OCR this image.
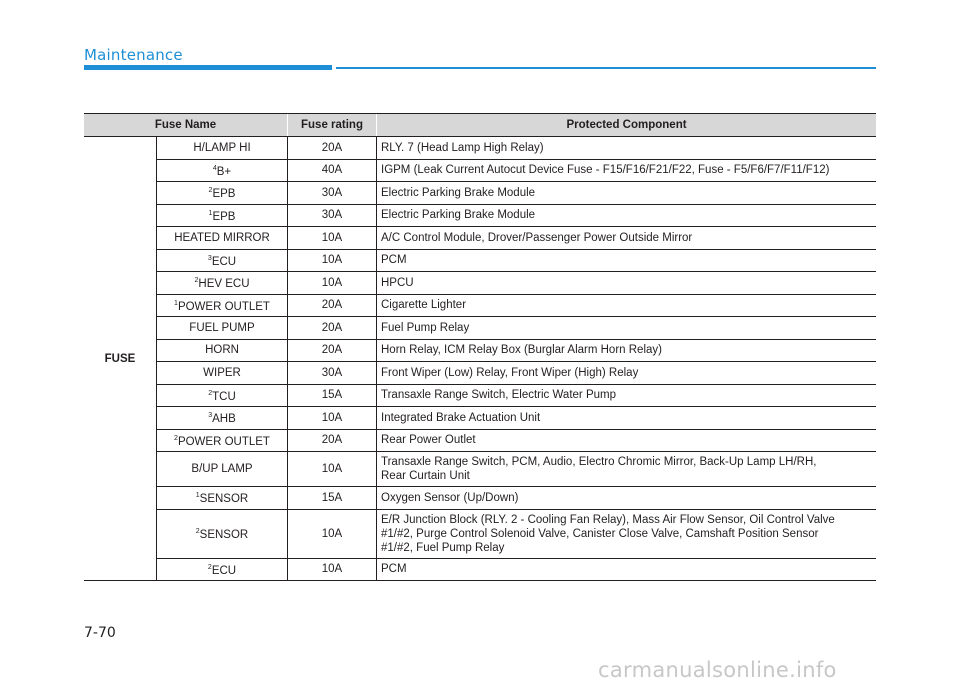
Maintenance
Fuse Name		Fuse rating	Protected Component
FUSE	H/LAMP HI	20A	RLY. 7 (Head Lamp High Relay)
	$^4$B+	40A	IGPM (Leak Current Autocut Device Fuse - F15/F16/F21/F22, Fuse - F5/F6/F7/F11/F12)
	$^2$EPB	30A	Electric Parking Brake Module
	$^1$EPB	30A	Electric Parking Brake Module
	HEATED MIRROR	10A	A/C Control Module, Drover/Passenger Power Outside Mirror
	$^3$ECU	10A	PCM
	$^2$HEV ECU	10A	HPCU
	$^1$POWER OUTLET	20A	Cigarette Lighter
	FUEL PUMP	20A	Fuel Pump Relay
	HORN	20A	Horn Relay, ICM Relay Box (Burglar Alarm Horn Relay)
	WIPER	30A	Front Wiper (Low) Relay, Front Wiper (High) Relay
	$^2$TCU	15A	Transaxle Range Switch, Electric Water Pump
	$^3$AHB	10A	Integrated Brake Actuation Unit
	$^2$POWER OUTLET	20A	Rear Power Outlet
	B/UP LAMP	10A	Transaxle Range Switch, PCM, Audio, Electro Chromic Mirror, Back-Up Lamp LH/RH,
Rear Curtain Unit

	$^1$SENSOR	15A	Oxygen Sensor (Up/Down)
	$^2$SENSOR	10A	E/R Junction Block (RLY. 2 - Cooling Fan Relay), Mass Air Flow Sensor, Oil Control Valve
#1/#2, Purge Control Solenoid Valve, Canister Close Valve, Camshaft Position Sensor
#1/#2, Fuel Pump Relay

	$^2$ECU	10A	PCM
7-70
carmanualsonline.info
